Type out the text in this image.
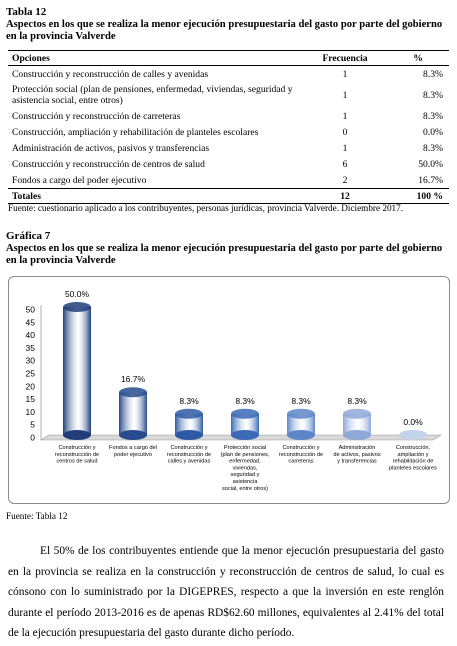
Tabla 12
Aspectos en los que se realiza la menor ejecución presupuestaria del gasto por parte del gobierno en la provincia Valverde
Opciones	Frecuencia	%
Construcción y reconstrucción de calles y avenidas	1	8.3%
Protección social (plan de pensiones, enfermedad, viviendas, seguridad y asistencia social, entre otros)	1	8.3%
Construcción y reconstrucción de carreteras	1	8.3%
Construcción, ampliación y rehabilitación de planteles escolares	0	0.0%
Administración de activos, pasivos y transferencias	1	8.3%
Construcción y reconstrucción de centros de salud	6	50.0%
Fondos a cargo del poder ejecutivo	2	16.7%
Totales	12	100 %
Fuente: cuestionario aplicado a los contribuyentes, personas jurídicas, provincia Valverde. Diciembre 2017.
Gráfica 7
Aspectos en los que se realiza la menor ejecución presupuestaria del gasto por parte del gobierno en la provincia Valverde
0
5
10
15
20
25
30
35
40
45
50
50.0%
Construcción y
reconstrucción de
centros de salud
16.7%
Fondos a cargo del
poder ejecutivo
8.3%
Construcción y
reconstrucción de
calles y avenidas
8.3%
Protección social
(plan de pensiones,
enfermedad,
viviendas,
seguridad y
asistencia
social, entre otros)
8.3%
Construcción y
reconstrucción de
carreteras
8.3%
Administración
de activos, pasivos
y transferencias
0.0%
Construcción,
ampliación y
rehabilitación de
planteles escolares
Fuente: Tabla 12
El 50% de los contribuyentes entiende que la menor ejecución presupuestaria del gasto en la provincia se realiza en la construcción y reconstrucción de centros de salud, lo cual es cónsono con lo suministrado por la DIGEPRES, respecto a que la inversión en este renglón durante el período 2013-2016 es de apenas RD$62.60 millones, equivalentes al 2.41% del total de la ejecución presupuestaria del gasto durante dicho período.
